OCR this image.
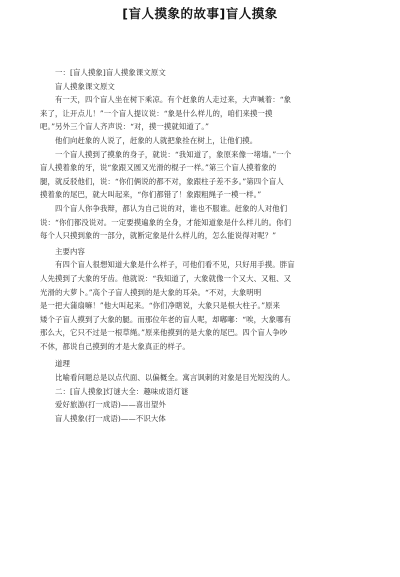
[盲人摸象的故事]盲人摸象
一：[盲人摸象]盲人摸象课文原文
盲人摸象课文原文
有一天，四个盲人坐在树下乘凉。有个赶象的人走过来，大声喊着：“象
来了，让开点儿！”一个盲人提议说：“象是什么样儿的，咱们来摸一摸
吧。”另外三个盲人齐声说：“对，摸一摸就知道了。”
他们向赶象的人说了，赶象的人就把象拴在树上，让他们摸。
一个盲人摸到了摸象的身子，就说：“我知道了，象原来像一堵墙。”一个
盲人摸着象的牙，说“象跟又圆又光滑的棍子一样。”第三个盲人摸着象的
腿，就反驳他们，说：“你们俩说的都不对，象跟柱子差不多。”第四个盲人
摸着象的尾巴，就大叫起来，“你们都错了！象跟粗绳子一模一样。”
四个盲人你争我辩，都认为自己说的对，谁也不服谁。赶象的人对他们
说：“你们都没说对。一定要摸遍象的全身，才能知道象是什么样儿的。你们
每个人只摸到象的一部分，就断定象是什么样儿的，怎么能说得对呢？”
主要内容
有四个盲人很想知道大象是什么样子，可他们看不见，只好用手摸。胖盲
人先摸到了大象的牙齿。他就说：“我知道了，大象就像一个又大、又粗、又
光滑的大萝卜。”高个子盲人摸到的是大象的耳朵。“不对，大象明明
是一把大蒲扇嘛！”他大叫起来。“你们净瞎说，大象只是根大柱子。”原来
矮个子盲人摸到了大象的腿。而那位年老的盲人呢，却嘟嘟：“唉，大象哪有
那么大，它只不过是一根草绳。”原来他摸到的是大象的尾巴。四个盲人争吵
不休，都说自己摸到的才是大象真正的样子。
道理
比喻看问题总是以点代面、以偏概全。寓言讽刺的对象是目光短浅的人。
二：[盲人摸象]灯谜大全：趣味成语灯谜
爱好旅游(打一成语)——喜出望外
盲人摸象(打一成语)——不识大体
